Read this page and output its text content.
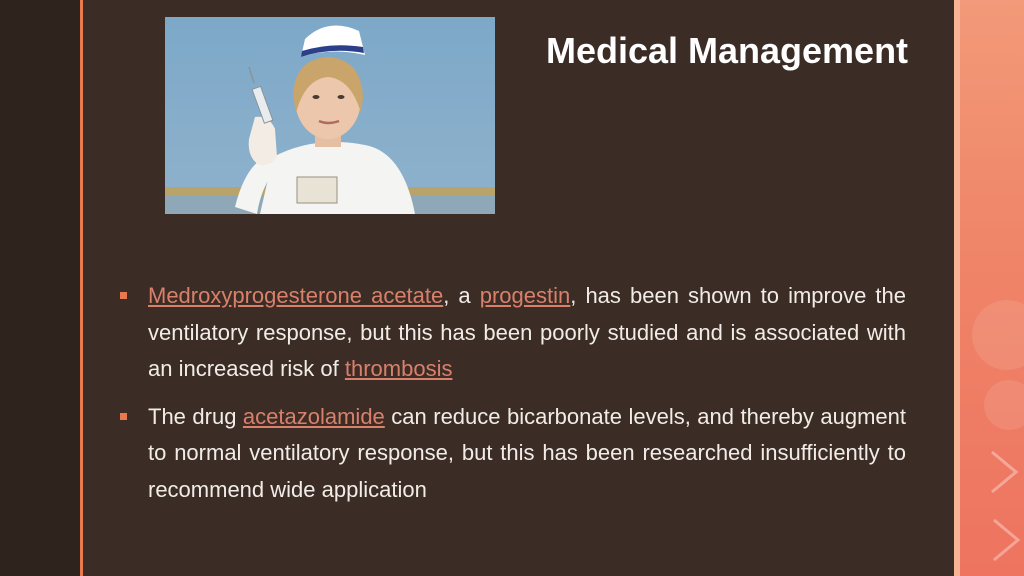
Medical Management
Medroxyprogesterone acetate, a progestin, has been shown to improve the ventilatory response, but this has been poorly studied and is associated with an increased risk of thrombosis
The drug acetazolamide can reduce bicarbonate levels, and thereby augment to normal ventilatory response, but this has been researched insufficiently to recommend wide application
